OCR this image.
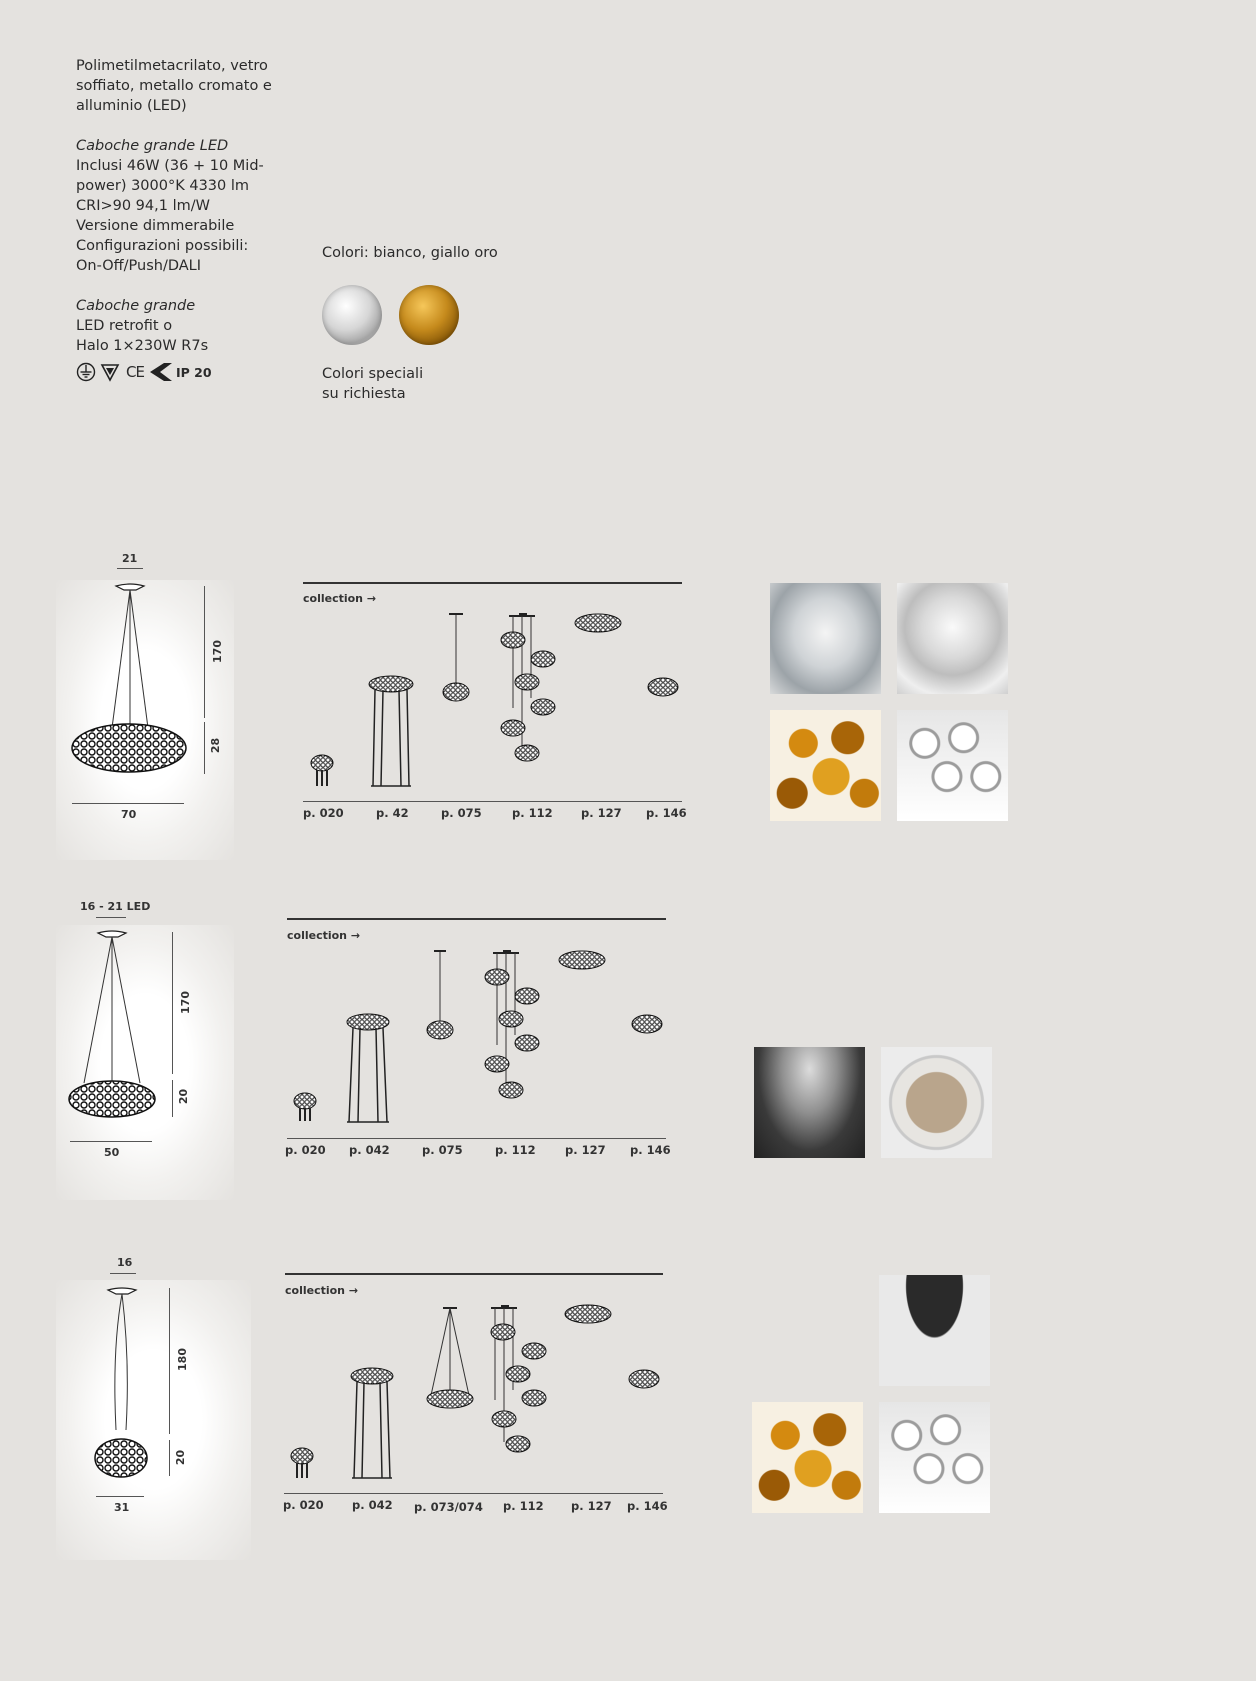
Polimetilmetacrilato, vetro

soffiato, metallo cromato e

alluminio (LED)

Caboche grande LED

Inclusi 46W (36 + 10 Mid-

power) 3000°K 4330 lm

CRI>90 94,1 lm/W

Versione dimmerabile

Configurazioni possibili:

On-Off/Push/DALI

Caboche grande

LED retrofit o

Halo 1×230W R7s

CE	IP 20
Colori: bianco, giallo oro
Colori speciali
su richiesta
21
170
28
70
collection →
p. 020	p. 42	p. 075	p. 112 p. 127 p. 146
16 - 21 LED
170
20
50
collection →
p. 020 p. 042	p. 075	p. 112	p. 127 p. 146
16
180
20
31
collection →
p. 020 p. 042 p. 073/074 p. 112 p. 127 p. 146
